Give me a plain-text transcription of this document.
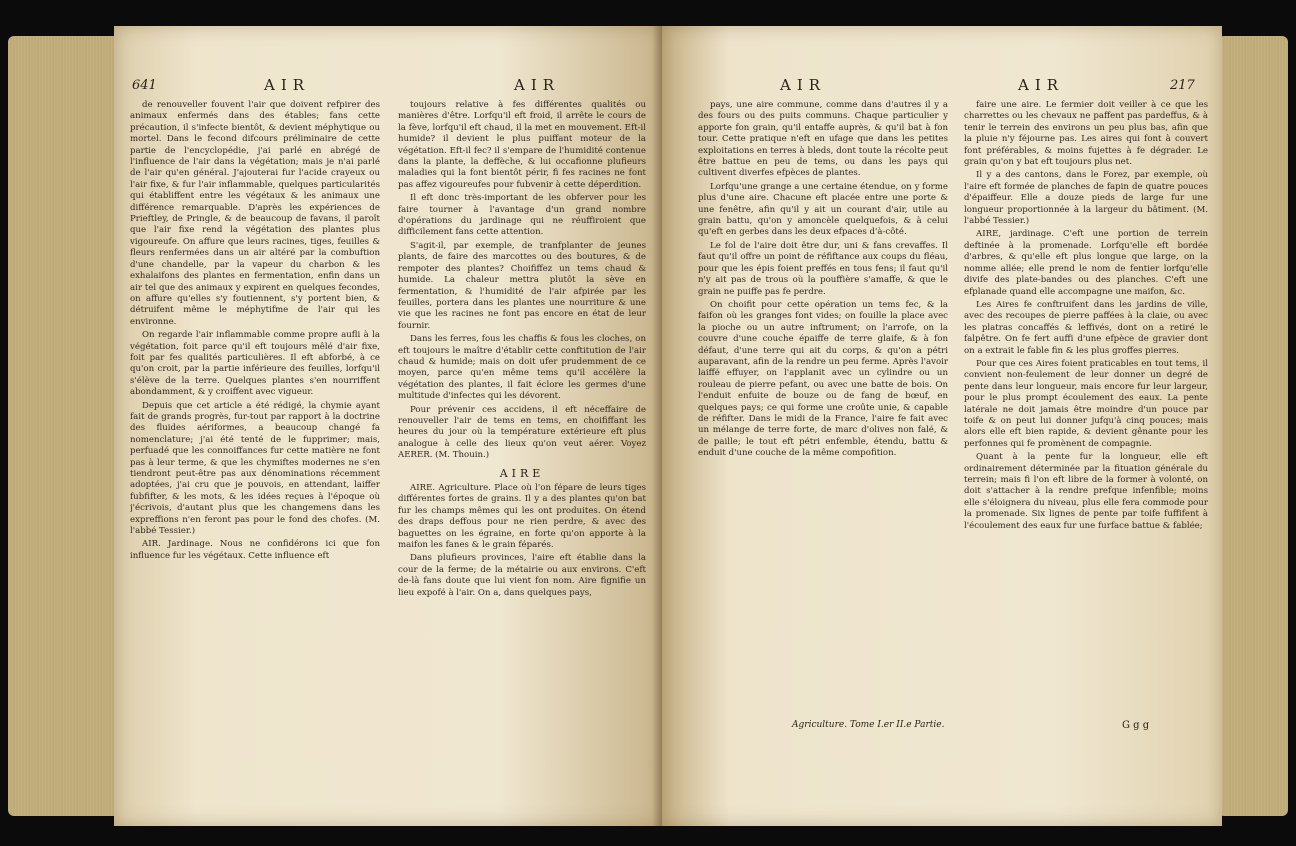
641	AIR	AIR

de renouveller fouvent l'air que doivent refpirer des animaux enfermés dans des étables; fans cette précaution, il s'infecte bientôt, & devient méphytique ou mortel. Dans le fecond difcours préliminaire de cette partie de l'encyclopédie, j'ai parlé en abrégé de l'influence de l'air dans la végétation; mais je n'ai parlé de l'air qu'en général. J'ajouterai fur l'acide crayeux ou l'air fixe, & fur l'air inflammable, quelques particularités qui établiffent entre les végétaux & les animaux une différence remarquable. D'après les expériences de Prieftley, de Pringle, & de beaucoup de favans, il paroît que l'air fixe rend la végétation des plantes plus vigoureufe. On affure que leurs racines, tiges, feuilles & fleurs renfermées dans un air altéré par la combuftion d'une chandelle, par la vapeur du charbon & les exhalaifons des plantes en fermentation, enfin dans un air tel que des animaux y expirent en quelques fecondes, on affure qu'elles s'y foutiennent, s'y portent bien, & détruifent même le méphytifme de l'air qui les environne.

On regarde l'air inflammable comme propre aufli à la végétation, foit parce qu'il eft toujours mêlé d'air fixe, foit par fes qualités particulières. Il eft abforbé, à ce qu'on croit, par la partie inférieure des feuilles, lorfqu'il s'élève de la terre. Quelques plantes s'en nourriffent abondamment, & y croiffent avec vigueur.

Depuis que cet article a été rédigé, la chymie ayant fait de grands progrès, fur-tout par rapport à la doctrine des fluides aériformes, a beaucoup changé fa nomenclature; j'ai été tenté de le fupprimer; mais, perfuadé que les connoiffances fur cette matière ne font pas à leur terme, & que les chymiftes modernes ne s'en tiendront peut-être pas aux dénominations récemment adoptées, j'ai cru que je pouvois, en attendant, laiffer fubfifter, & les mots, & les idées reçues à l'époque où j'écrivois, d'autant plus que les changemens dans les expreffions n'en feront pas pour le fond des chofes. (M. l'abbé Tessier.)

AIR. Jardinage. Nous ne confidérons ici que fon influence fur les végétaux. Cette influence eft

toujours relative à fes différentes qualités ou manières d'être. Lorfqu'il eft froid, il arrête le cours de la fève, lorfqu'il eft chaud, il la met en mouvement. Eft-il humide? il devient le plus puiffant moteur de la végétation. Eft-il fec? il s'empare de l'humidité contenue dans la plante, la deffèche, & lui occafionne plufieurs maladies qui la font bientôt périr, fi fes racines ne font pas affez vigoureufes pour fubvenir à cette déperdition.

Il eft donc très-important de les obferver pour les faire tourner à l'avantage d'un grand nombre d'opérations du jardinage qui ne réuffiroient que difficilement fans cette attention.

S'agit-il, par exemple, de tranfplanter de jeunes plants, de faire des marcottes ou des boutures, & de rempoter des plantes? Choififfez un tems chaud & humide. La chaleur mettra plutôt la sève en fermentation, & l'humidité de l'air afpirée par les feuilles, portera dans les plantes une nourriture & une vie que les racines ne font pas encore en état de leur fournir.

Dans les ferres, fous les chaffis & fous les cloches, on eft toujours le maître d'établir cette conftitution de l'air chaud & humide; mais on doit ufer prudemment de ce moyen, parce qu'en même tems qu'il accélère la végétation des plantes, il fait éclore les germes d'une multitude d'infectes qui les dévorent.

Pour prévenir ces accidens, il eft néceffaire de renouveller l'air de tems en tems, en choififfant les heures du jour où la température extérieure eft plus analogue à celle des lieux qu'on veut aérer. Voyez AERER. (M. Thouin.)

AIRE

AIRE. Agriculture. Place où l'on fépare de leurs tiges différentes fortes de grains. Il y a des plantes qu'on bat fur les champs mêmes qui les ont produites. On étend des draps deffous pour ne rien perdre, & avec des baguettes on les égraine, en forte qu'on apporte à la maifon les fanes & le grain féparés.

Dans plufieurs provinces, l'aire eft établie dans la cour de la ferme; de la métairie ou aux environs. C'eft de-là fans doute que lui vient fon nom. Aire fignifie un lieu expofé à l'air. On a, dans quelques pays,

AIR	AIR	217

pays, une aire commune, comme dans d'autres il y a des fours ou des puits communs. Chaque particulier y apporte fon grain, qu'il entaffe auprès, & qu'il bat à fon tour. Cette pratique n'eft en ufage que dans les petites exploitations en terres à bleds, dont toute la récolte peut être battue en peu de tems, ou dans les pays qui cultivent diverfes efpèces de plantes.

Lorfqu'une grange a une certaine étendue, on y forme plus d'une aire. Chacune eft placée entre une porte & une fenêtre, afin qu'il y ait un courant d'air, utile au grain battu, qu'on y amoncèle quelquefois, & à celui qu'eft en gerbes dans les deux efpaces d'à-côté.

Le fol de l'aire doit être dur, uni & fans crevaffes. Il faut qu'il offre un point de réfiftance aux coups du fléau, pour que les épis foient preffés en tous fens; il faut qu'il n'y ait pas de trous où la pouffière s'amaffe, & que le grain ne puiffe pas fe perdre.

On choifit pour cette opération un tems fec, & la faifon où les granges font vides; on fouille la place avec la pioche ou un autre inftrument; on l'arrofe, on la couvre d'une couche épaiffe de terre glaife, & à fon défaut, d'une terre qui ait du corps, & qu'on a pétri auparavant, afin de la rendre un peu ferme. Après l'avoir laiffé effuyer, on l'applanit avec un cylindre ou un rouleau de pierre pefant, ou avec une batte de bois. On l'enduit enfuite de bouze ou de fang de bœuf, en quelques pays; ce qui forme une croûte unie, & capable de réfifter. Dans le midi de la France, l'aire fe fait avec un mélange de terre forte, de marc d'olives non falé, & de paille; le tout eft pétri enfemble, étendu, battu & enduit d'une couche de la même compofition.

faire une aire. Le fermier doit veiller à ce que les charrettes ou les chevaux ne paffent pas pardeffus, & à tenir le terrein des environs un peu plus bas, afin que la pluie n'y féjourne pas. Les aires qui font à couvert font préférables, & moins fujettes à fe dégrader. Le grain qu'on y bat eft toujours plus net.

Il y a des cantons, dans le Forez, par exemple, où l'aire eft formée de planches de fapin de quatre pouces d'épaiffeur. Elle a douze pieds de large fur une longueur proportionnée à la largeur du bâtiment. (M. l'abbé Tessier.)

AIRE, jardinage. C'eft une portion de terrein deftinée à la promenade. Lorfqu'elle eft bordée d'arbres, & qu'elle eft plus longue que large, on la nomme allée; elle prend le nom de fentier lorfqu'elle divife des plate-bandes ou des planches. C'eft une efplanade quand elle accompagne une maifon, &c.

Les Aires fe conftruifent dans les jardins de ville, avec des recoupes de pierre paffées à la claie, ou avec les platras concaffés & leffivés, dont on a retiré le falpêtre. On fe fert auffi d'une efpèce de gravier dont on a extrait le fable fin & les plus groffes pierres.

Pour que ces Aires foient praticables en tout tems, il convient non-feulement de leur donner un degré de pente dans leur longueur, mais encore fur leur largeur, pour le plus prompt écoulement des eaux. La pente latérale ne doit jamais être moindre d'un pouce par toife & on peut lui donner jufqu'à cinq pouces; mais alors elle eft bien rapide, & devient gênante pour les perfonnes qui fe promènent de compagnie.

Quant à la pente fur la longueur, elle eft ordinairement déterminée par la fituation générale du terrein; mais fi l'on eft libre de la former à volonté, on doit s'attacher à la rendre prefque infenfible; moins elle s'éloignera du niveau, plus elle fera commode pour la promenade. Six lignes de pente par toife fuffifent à l'écoulement des eaux fur une furface battue & fablée;

Agriculture. Tome I.er II.e Partie.	G g g
